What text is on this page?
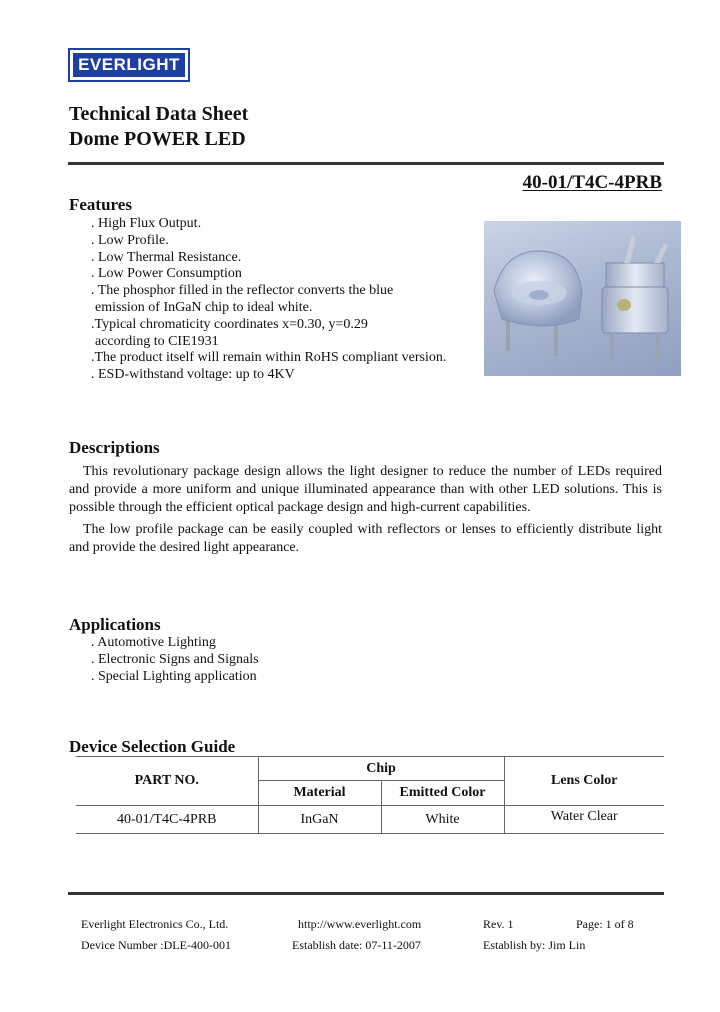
EVERLIGHT
Technical Data Sheet
Dome POWER LED
40-01/T4C-4PRB
Features
. High Flux Output.
. Low Profile.
. Low Thermal Resistance.
. Low Power Consumption
. The phosphor filled in the reflector converts the blue
emission of InGaN chip to ideal white.
.Typical chromaticity coordinates x=0.30, y=0.29
according to CIE1931
.The product itself will remain within RoHS compliant version.
. ESD-withstand voltage: up to 4KV
Descriptions
This revolutionary package design allows the light designer to reduce the number of LEDs required and provide a more uniform and unique illuminated appearance than with other LED solutions. This is possible through the efficient optical package design and high-current capabilities.
The low profile package can be easily coupled with reflectors or lenses to efficiently distribute light and provide the desired light appearance.
Applications
. Automotive Lighting
. Electronic Signs and Signals
. Special Lighting application
Device Selection Guide
PART NO.	Chip		Lens Color
	Material	Emitted Color	
40-01/T4C-4PRB	InGaN	White	Water Clear
Everlight Electronics Co., Ltd.	http://www.everlight.com	Rev. 1	Page: 1 of 8
Device Number :DLE-400-001	Establish date: 07-11-2007	Establish by: Jim Lin
